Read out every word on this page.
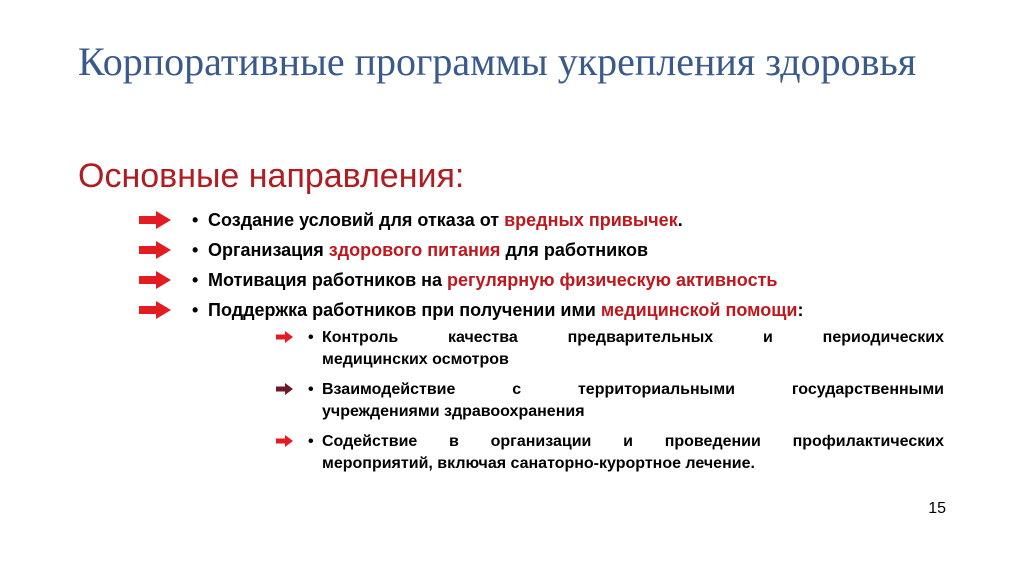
Корпоративные программы укрепления здоровья
Основные направления:
• Создание условий для отказа от вредных привычек.
• Организация здорового питания для работников
• Мотивация работников на регулярную физическую активность
• Поддержка работников при получении ими медицинской помощи:
• Контроль качества предварительных и периодических
медицинских осмотров
• Взаимодействие с территориальными государственными
учреждениями здравоохранения
• Содействие в организации и проведении профилактических
мероприятий, включая санаторно-курортное лечение.
15
